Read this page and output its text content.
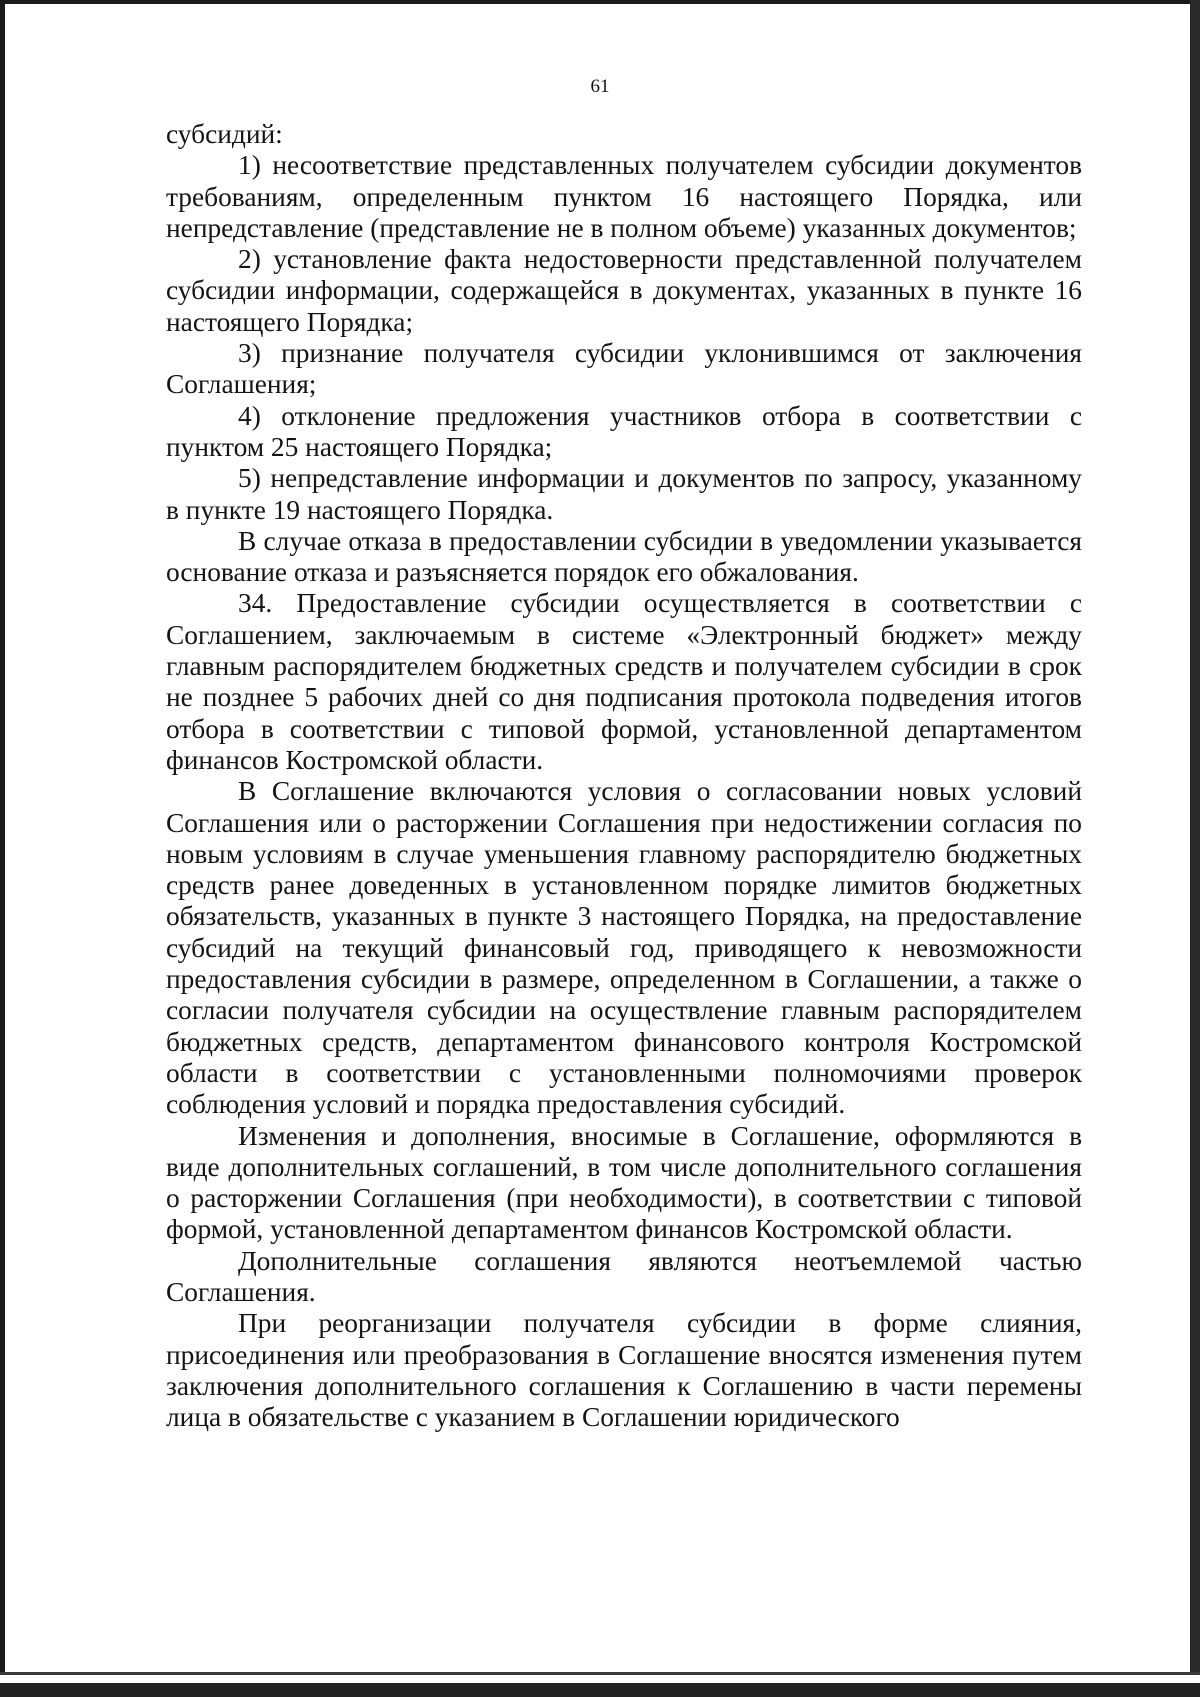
61

субсидий:

1) несоответствие представленных получателем субсидии документов требованиям, определенным пунктом 16 настоящего Порядка, или непредставление (представление не в полном объеме) указанных документов;

2) установление факта недостоверности представленной получателем субсидии информации, содержащейся в документах, указанных в пункте 16 настоящего Порядка;

3) признание получателя субсидии уклонившимся от заключения Соглашения;

4) отклонение предложения участников отбора в соответствии с пунктом 25 настоящего Порядка;

5) непредставление информации и документов по запросу, указанному в пункте 19 настоящего Порядка.

В случае отказа в предоставлении субсидии в уведомлении указывается основание отказа и разъясняется порядок его обжалования.

34. Предоставление субсидии осуществляется в соответствии с Соглашением, заключаемым в системе «Электронный бюджет» между главным распорядителем бюджетных средств и получателем субсидии в срок не позднее 5 рабочих дней со дня подписания протокола подведения итогов отбора в соответствии с типовой формой, установленной департаментом финансов Костромской области.

В Соглашение включаются условия о согласовании новых условий Соглашения или о расторжении Соглашения при недостижении согласия по новым условиям в случае уменьшения главному распорядителю бюджетных средств ранее доведенных в установленном порядке лимитов бюджетных обязательств, указанных в пункте 3 настоящего Порядка, на предоставление субсидий на текущий финансовый год, приводящего к невозможности предоставления субсидии в размере, определенном в Соглашении, а также о согласии получателя субсидии на осуществление главным распорядителем бюджетных средств, департаментом финансового контроля Костромской области в соответствии с установленными полномочиями проверок соблюдения условий и порядка предоставления субсидий.

Изменения и дополнения, вносимые в Соглашение, оформляются в виде дополнительных соглашений, в том числе дополнительного соглашения о расторжении Соглашения (при необходимости), в соответствии с типовой формой, установленной департаментом финансов Костромской области.

Дополнительные соглашения являются неотъемлемой частью Соглашения.

При реорганизации получателя субсидии в форме слияния, присоединения или преобразования в Соглашение вносятся изменения путем заключения дополнительного соглашения к Соглашению в части перемены лица в обязательстве с указанием в Соглашении юридического
